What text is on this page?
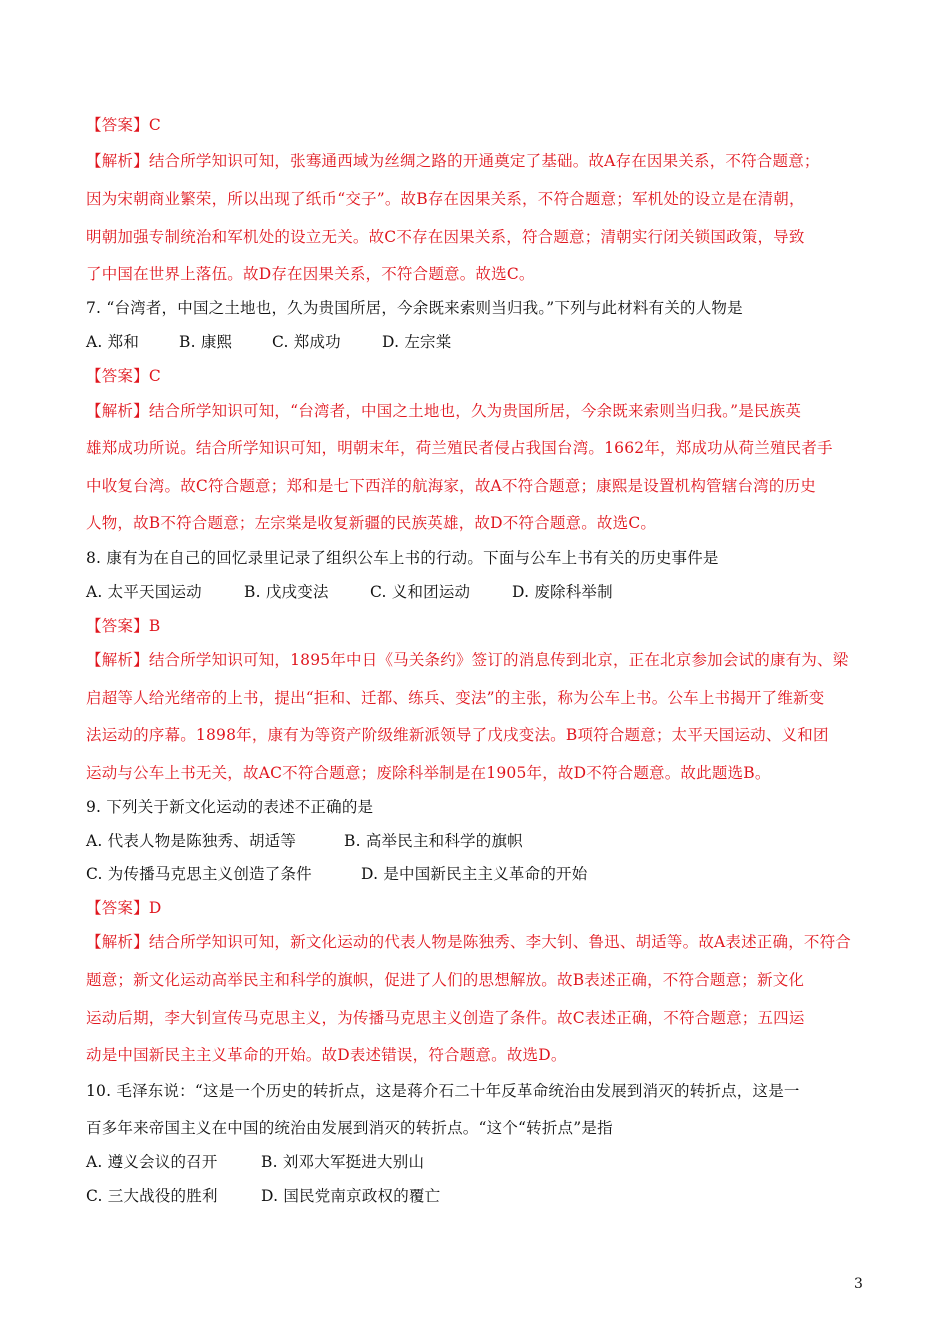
【答案】C
【解析】结合所学知识可知，张骞通西域为丝绸之路的开通奠定了基础。故A存在因果关系，不符合题意；
因为宋朝商业繁荣，所以出现了纸币“交子”。故B存在因果关系，不符合题意；军机处的设立是在清朝，
明朝加强专制统治和军机处的设立无关。故C不存在因果关系，符合题意；清朝实行闭关锁国政策，导致
了中国在世界上落伍。故D存在因果关系，不符合题意。故选C。
7. “台湾者，中国之土地也，久为贵国所居，今余既来索则当归我。”下列与此材料有关的人物是
A. 郑和	B. 康熙	C. 郑成功	D. 左宗棠
【答案】C
【解析】结合所学知识可知，“台湾者，中国之土地也，久为贵国所居，今余既来索则当归我。”是民族英
雄郑成功所说。结合所学知识可知，明朝末年，荷兰殖民者侵占我国台湾。1662年，郑成功从荷兰殖民者手
中收复台湾。故C符合题意；郑和是七下西洋的航海家，故A不符合题意；康熙是设置机构管辖台湾的历史
人物，故B不符合题意；左宗棠是收复新疆的民族英雄，故D不符合题意。故选C。
8. 康有为在自己的回忆录里记录了组织公车上书的行动。下面与公车上书有关的历史事件是
A. 太平天国运动	B. 戊戌变法	C. 义和团运动	D. 废除科举制
【答案】B
【解析】结合所学知识可知，1895年中日《马关条约》签订的消息传到北京，正在北京参加会试的康有为、梁
启超等人给光绪帝的上书，提出“拒和、迁都、练兵、变法”的主张，称为公车上书。公车上书揭开了维新变
法运动的序幕。1898年，康有为等资产阶级维新派领导了戊戌变法。B项符合题意；太平天国运动、义和团
运动与公车上书无关，故AC不符合题意；废除科举制是在1905年，故D不符合题意。故此题选B。
9. 下列关于新文化运动的表述不正确的是
A. 代表人物是陈独秀、胡适等	B. 高举民主和科学的旗帜
C. 为传播马克思主义创造了条件	D. 是中国新民主主义革命的开始
【答案】D
【解析】结合所学知识可知，新文化运动的代表人物是陈独秀、李大钊、鲁迅、胡适等。故A表述正确，不符合
题意；新文化运动高举民主和科学的旗帜，促进了人们的思想解放。故B表述正确，不符合题意；新文化
运动后期，李大钊宣传马克思主义，为传播马克思主义创造了条件。故C表述正确，不符合题意；五四运
动是中国新民主主义革命的开始。故D表述错误，符合题意。故选D。
10. 毛泽东说：“这是一个历史的转折点，这是蒋介石二十年反革命统治由发展到消灭的转折点，这是一
百多年来帝国主义在中国的统治由发展到消灭的转折点。“这个“转折点”是指
A. 遵义会议的召开	B. 刘邓大军挺进大别山
C. 三大战役的胜利	D. 国民党南京政权的覆亡
3
